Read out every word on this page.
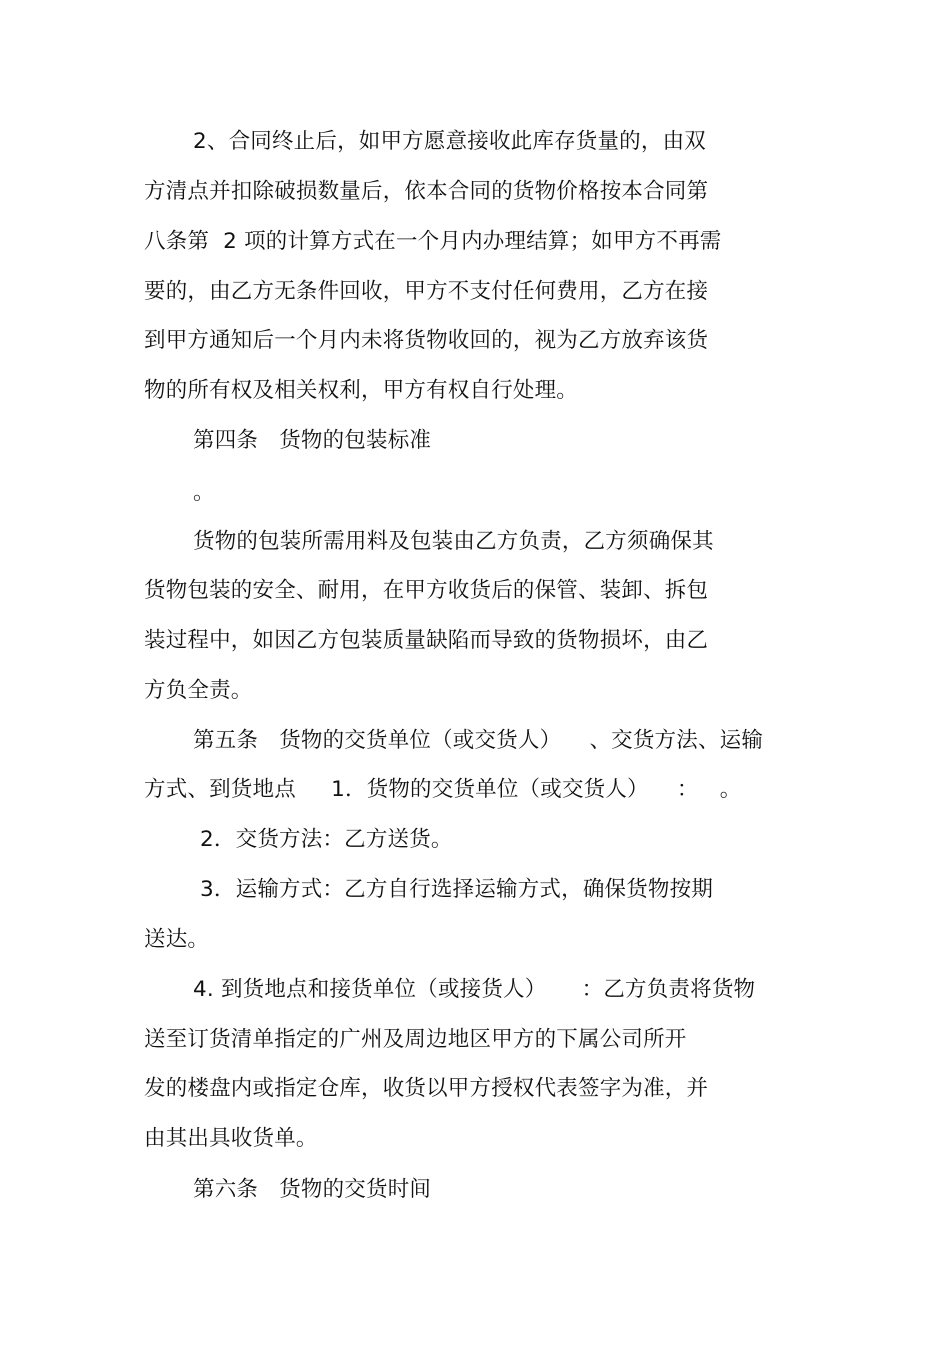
2、合同终止后，如甲方愿意接收此库存货量的，由双
方清点并扣除破损数量后，依本合同的货物价格按本合同第
八条第  2 项的计算方式在一个月内办理结算；如甲方不再需
要的，由乙方无条件回收，甲方不支付任何费用，乙方在接
到甲方通知后一个月内未将货物收回的，视为乙方放弃该货
物的所有权及相关权利，甲方有权自行处理。
第四条   货物的包装标准
。
货物的包装所需用料及包装由乙方负责，乙方须确保其
货物包装的安全、耐用，在甲方收货后的保管、装卸、拆包
装过程中，如因乙方包装质量缺陷而导致的货物损坏，由乙
方负全责。
第五条   货物的交货单位（或交货人）    、交货方法、运输
方式、到货地点     1．货物的交货单位（或交货人）    ：   。
2．交货方法：乙方送货。
3．运输方式：乙方自行选择运输方式，确保货物按期
送达。
4. 到货地点和接货单位（或接货人）     ：乙方负责将货物
送至订货清单指定的广州及周边地区甲方的下属公司所开
发的楼盘内或指定仓库，收货以甲方授权代表签字为准，并
由其出具收货单。
第六条   货物的交货时间
